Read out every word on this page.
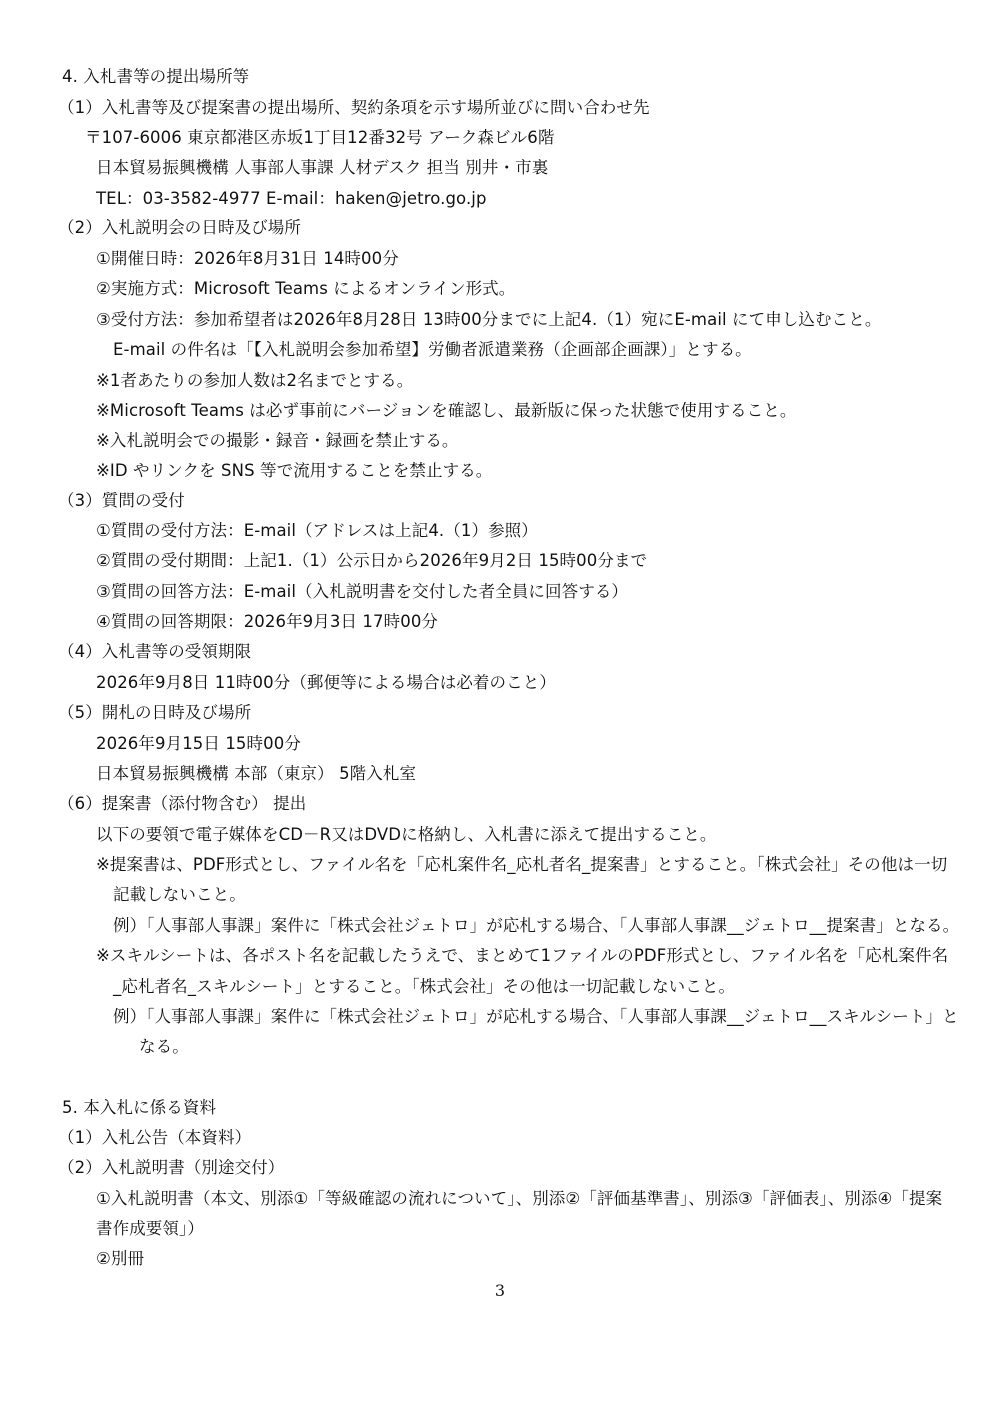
4. 入札書等の提出場所等
（1）入札書等及び提案書の提出場所、契約条項を示す場所並びに問い合わせ先
〒107-6006 東京都港区赤坂1丁目12番32号 アーク森ビル6階
日本貿易振興機構 人事部人事課 人材デスク 担当 別井・市裏
TEL：03-3582-4977 E-mail：haken@jetro.go.jp
（2）入札説明会の日時及び場所
①開催日時：2026年8月31日 14時00分
②実施方式：Microsoft Teams によるオンライン形式。
③受付方法：参加希望者は2026年8月28日 13時00分までに上記4.（1）宛にE-mail にて申し込むこと。
E-mail の件名は「【入札説明会参加希望】労働者派遣業務（企画部企画課）」とする。
※1者あたりの参加人数は2名までとする。
※Microsoft Teams は必ず事前にバージョンを確認し、最新版に保った状態で使用すること。
※入札説明会での撮影・録音・録画を禁止する。
※ID やリンクを SNS 等で流用することを禁止する。
（3）質問の受付
①質問の受付方法：E-mail（アドレスは上記4.（1）参照）
②質問の受付期間：上記1.（1）公示日から2026年9月2日 15時00分まで
③質問の回答方法：E-mail（入札説明書を交付した者全員に回答する）
④質問の回答期限：2026年9月3日 17時00分
（4）入札書等の受領期限
2026年9月8日 11時00分（郵便等による場合は必着のこと）
（5）開札の日時及び場所
2026年9月15日 15時00分
日本貿易振興機構 本部（東京） 5階入札室
（6）提案書（添付物含む） 提出
以下の要領で電子媒体をCD－R又はDVDに格納し、入札書に添えて提出すること。
※提案書は、PDF形式とし、ファイル名を「応札案件名_応札者名_提案書」とすること。「株式会社」その他は一切
記載しないこと。
例）「人事部人事課」案件に「株式会社ジェトロ」が応札する場合、「人事部人事課__ジェトロ__提案書」となる。
※スキルシートは、各ポスト名を記載したうえで、まとめて1ファイルのPDF形式とし、ファイル名を「応札案件名
_応札者名_スキルシート」とすること。「株式会社」その他は一切記載しないこと。
例）「人事部人事課」案件に「株式会社ジェトロ」が応札する場合、「人事部人事課__ジェトロ__スキルシート」と
なる。
5. 本入札に係る資料
（1）入札公告（本資料）
（2）入札説明書（別途交付）
①入札説明書（本文、別添①「等級確認の流れについて」、別添②「評価基準書」、別添③「評価表」、別添④「提案
書作成要領」）
②別冊
3
